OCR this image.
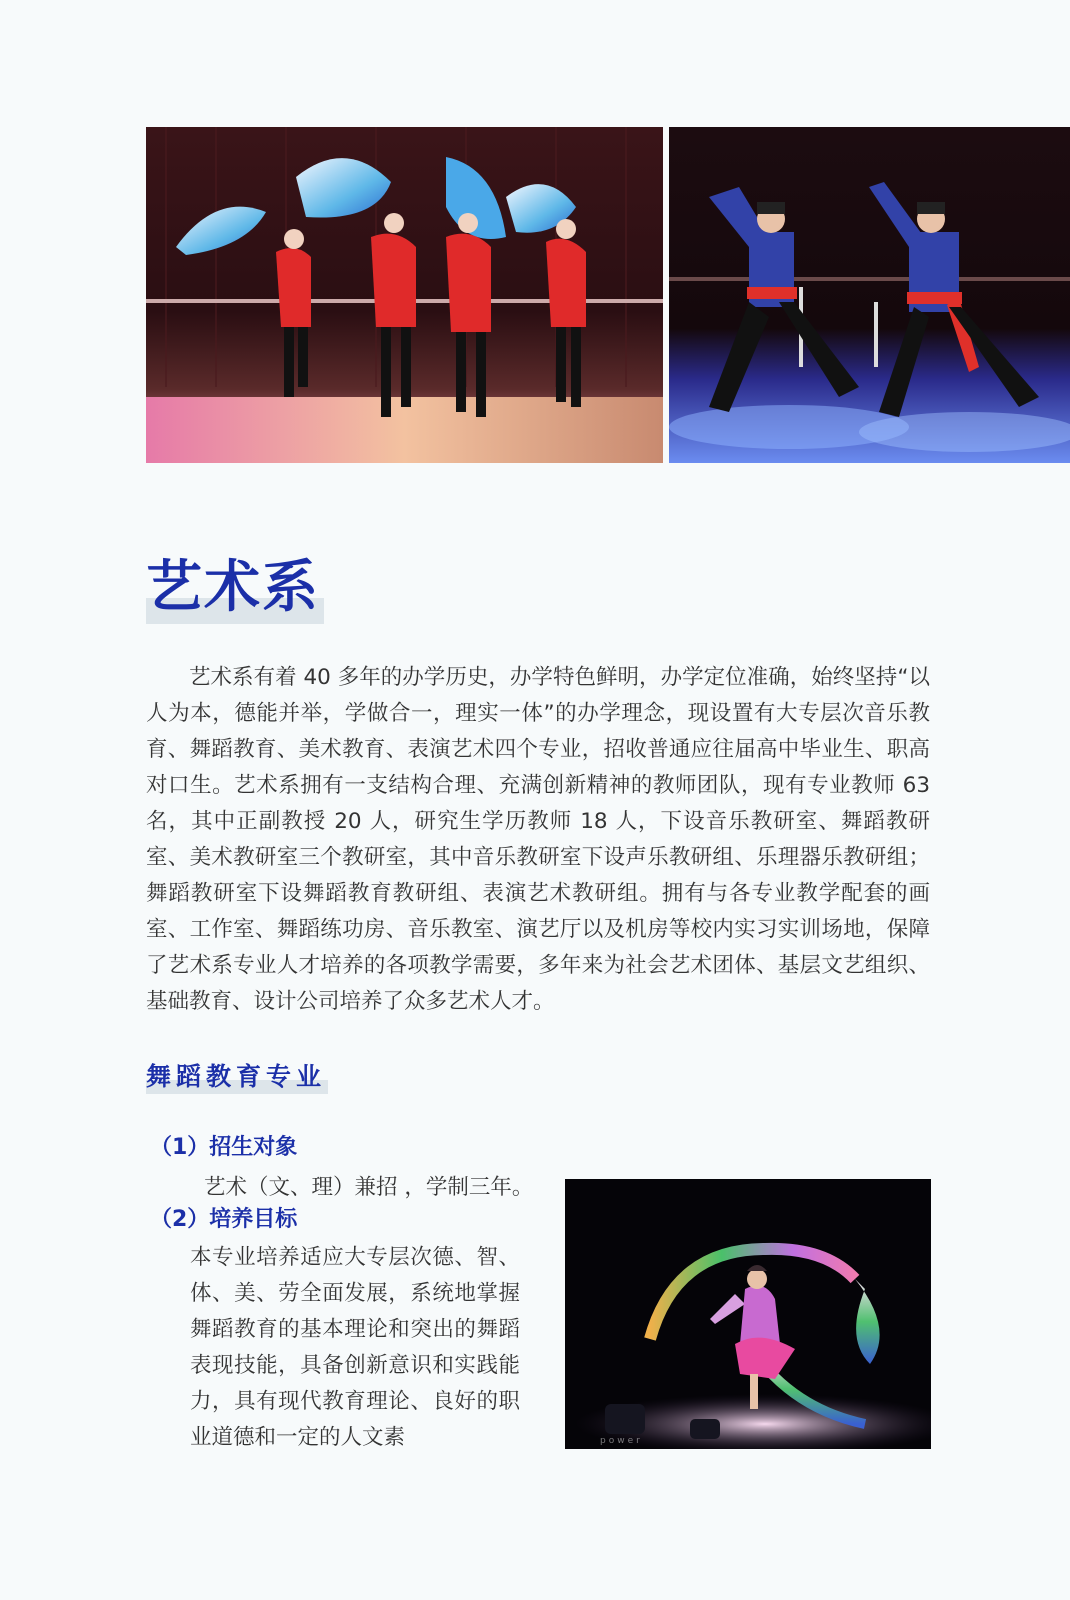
艺术系

艺术系有着 40 多年的办学历史，办学特色鲜明，办学定位准确，始终坚持“以人为本，德能并举，学做合一，理实一体”的办学理念，现设置有大专层次音乐教育、舞蹈教育、美术教育、表演艺术四个专业，招收普通应往届高中毕业生、职高对口生。艺术系拥有一支结构合理、充满创新精神的教师团队，现有专业教师 63 名，其中正副教授 20 人，研究生学历教师 18 人，下设音乐教研室、舞蹈教研室、美术教研室三个教研室，其中音乐教研室下设声乐教研组、乐理器乐教研组；舞蹈教研室下设舞蹈教育教研组、表演艺术教研组。拥有与各专业教学配套的画室、工作室、舞蹈练功房、音乐教室、演艺厅以及机房等校内实习实训场地，保障了艺术系专业人才培养的各项教学需要，多年来为社会艺术团体、基层文艺组织、基础教育、设计公司培养了众多艺术人才。

舞蹈教育专业
（1）招生对象

艺术（文、理）兼招 ，学制三年。

（2）培养目标

本专业培养适应大专层次德、智、体、美、劳全面发展，系统地掌握舞蹈教育的基本理论和突出的舞蹈表现技能，具备创新意识和实践能力，具有现代教育理论、良好的职业道德和一定的人文素	power
